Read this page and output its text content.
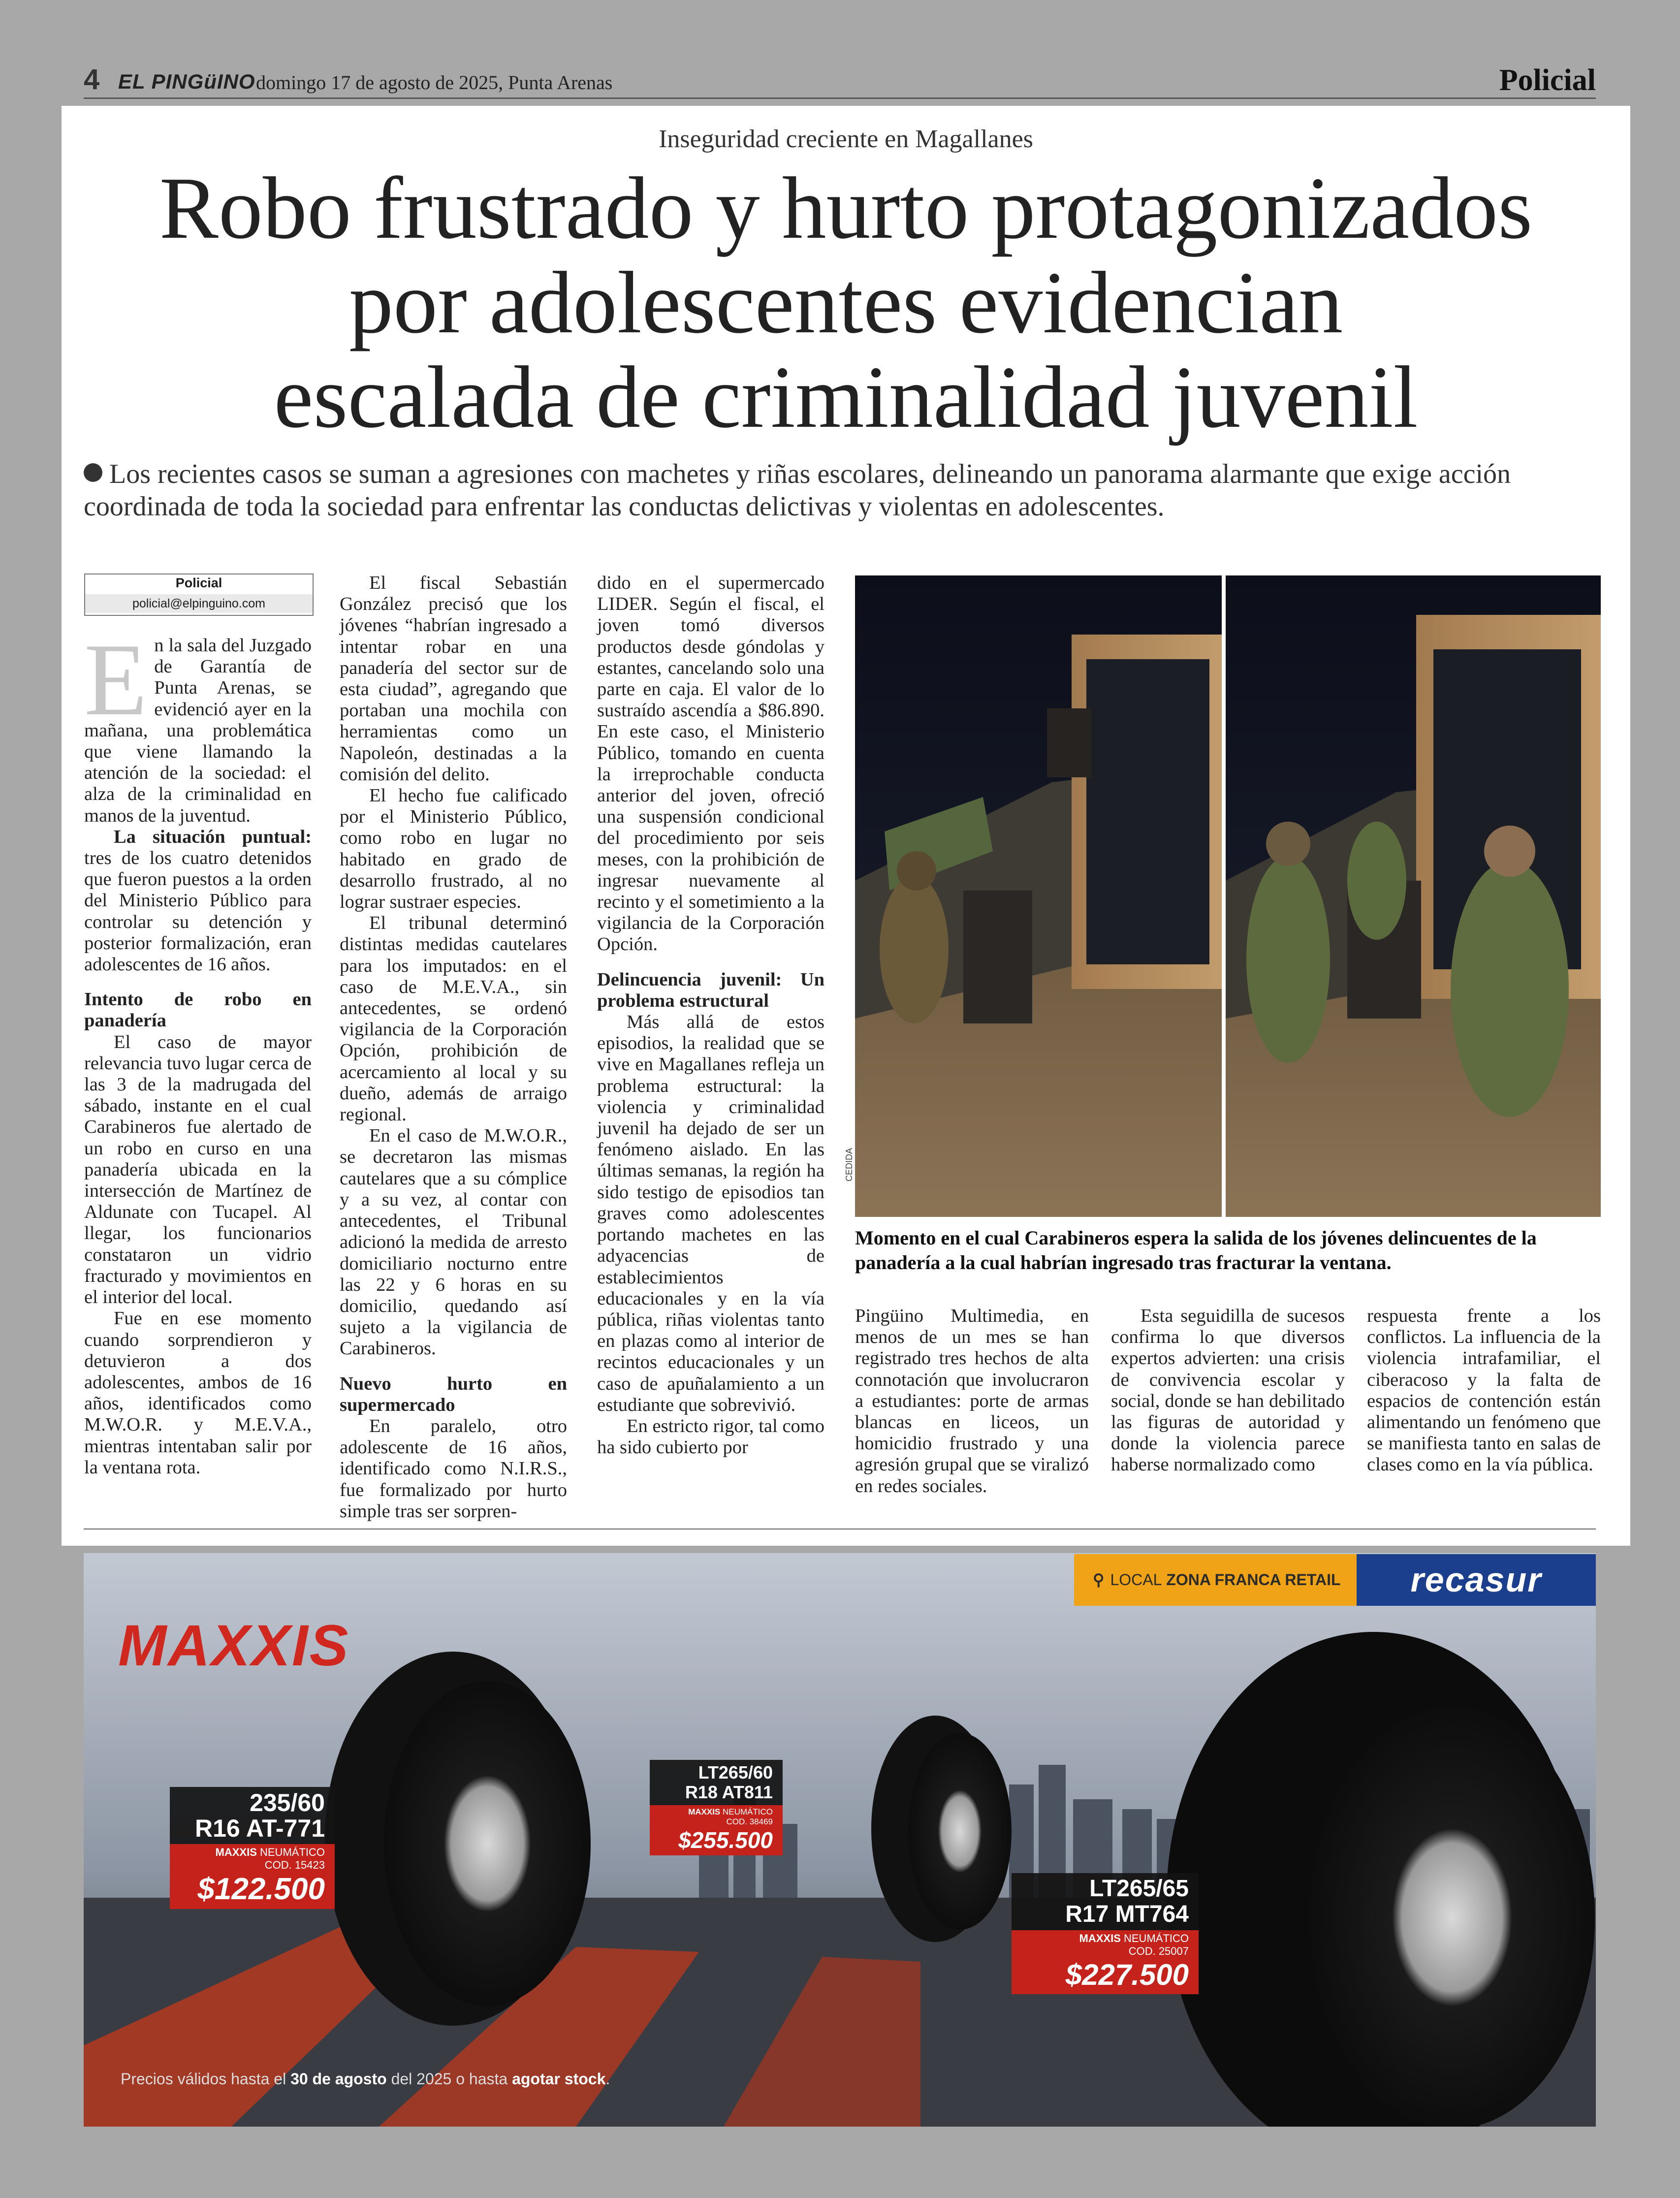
4 EL PINGüINO domingo 17 de agosto de 2025, Punta Arenas	Policial
Inseguridad creciente en Magallanes
Robo frustrado y hurto protagonizados
por adolescentes evidencian
escalada de criminalidad juvenil
Los recientes casos se suman a agresiones con machetes y riñas escolares, delineando un panorama alarmante que exige acción coordinada de toda la sociedad para enfrentar las conductas delictivas y violentas en adolescentes.
Policial
policial@elpinguino.com

En la sala del Juzgado de Garantía de Punta Arenas, se evidenció ayer en la mañana, una problemática que viene llamando la atención de la sociedad: el alza de la criminalidad en manos de la juventud.

La situación puntual: tres de los cuatro detenidos que fueron puestos a la orden del Ministerio Público para controlar su detención y posterior formalización, eran adolescentes de 16 años.

Intento de robo en panadería

El caso de mayor relevancia tuvo lugar cerca de las 3 de la madrugada del sábado, instante en el cual Carabineros fue alertado de un robo en curso en una panadería ubicada en la intersección de Martínez de Aldunate con Tucapel. Al llegar, los funcionarios constataron un vidrio fracturado y movimientos en el interior del local.

Fue en ese momento cuando sorprendieron y detuvieron a dos adolescentes, ambos de 16 años, identificados como M.W.O.R. y M.E.V.A., mientras intentaban salir por la ventana rota.

El fiscal Sebastián González precisó que los jóvenes “habrían ingresado a intentar robar en una panadería del sector sur de esta ciudad”, agregando que portaban una mochila con herramientas como un Napoleón, destinadas a la comisión del delito.

El hecho fue calificado por el Ministerio Público, como robo en lugar no habitado en grado de desarrollo frustrado, al no lograr sustraer especies.

El tribunal determinó distintas medidas cautelares para los imputados: en el caso de M.E.V.A., sin antecedentes, se ordenó vigilancia de la Corporación Opción, prohibición de acercamiento al local y su dueño, además de arraigo regional.

En el caso de M.W.O.R., se decretaron las mismas cautelares que a su cómplice y a su vez, al contar con antecedentes, el Tribunal adicionó la medida de arresto domiciliario nocturno entre las 22 y 6 horas en su domicilio, quedando así sujeto a la vigilancia de Carabineros.

Nuevo hurto en supermercado

En paralelo, otro adolescente de 16 años, identificado como N.I.R.S., fue formalizado por hurto simple tras ser sorpren-

dido en el supermercado LIDER. Según el fiscal, el joven tomó diversos productos desde góndolas y estantes, cancelando solo una parte en caja. El valor de lo sustraído ascendía a $86.890. En este caso, el Ministerio Público, tomando en cuenta la irreprochable conducta anterior del joven, ofreció una suspensión condicional del procedimiento por seis meses, con la prohibición de ingresar nuevamente al recinto y el sometimiento a la vigilancia de la Corporación Opción.

Delincuencia juvenil: Un problema estructural

Más allá de estos episodios, la realidad que se vive en Magallanes refleja un problema estructural: la violencia y criminalidad juvenil ha dejado de ser un fenómeno aislado. En las últimas semanas, la región ha sido testigo de episodios tan graves como adolescentes portando machetes en las adyacencias de establecimientos educacionales y en la vía pública, riñas violentas tanto en plazas como al interior de recintos educacionales y un caso de apuñalamiento a un estudiante que sobrevivió.

En estricto rigor, tal como ha sido cubierto por

CEDIDA
Momento en el cual Carabineros espera la salida de los jóvenes delincuentes de la panadería a la cual habrían ingresado tras fracturar la ventana.

Pingüino Multimedia, en menos de un mes se han registrado tres hechos de alta connotación que involucraron a estudiantes: porte de armas blancas en liceos, un homicidio frustrado y una agresión grupal que se viralizó en redes sociales.

Esta seguidilla de sucesos confirma lo que diversos expertos advierten: una crisis de convivencia escolar y social, donde se han debilitado las figuras de autoridad y donde la violencia parece haberse normalizado como

respuesta frente a los conflictos. La influencia de la violencia intrafamiliar, el ciberacoso y la falta de espacios de contención están alimentando un fenómeno que se manifiesta tanto en salas de clases como en la vía pública.

⚲ LOCAL ZONA FRANCA RETAIL	recasur
MAXXIS
235/60
R16 AT-771
MAXXIS NEUMÁTICO
COD. 15423
$122.500
LT265/60
R18 AT811
MAXXIS NEUMÁTICO
COD. 38469
$255.500
LT265/65
R17 MT764
MAXXIS NEUMÁTICO
COD. 25007
$227.500
Precios válidos hasta el 30 de agosto del 2025 o hasta agotar stock.
